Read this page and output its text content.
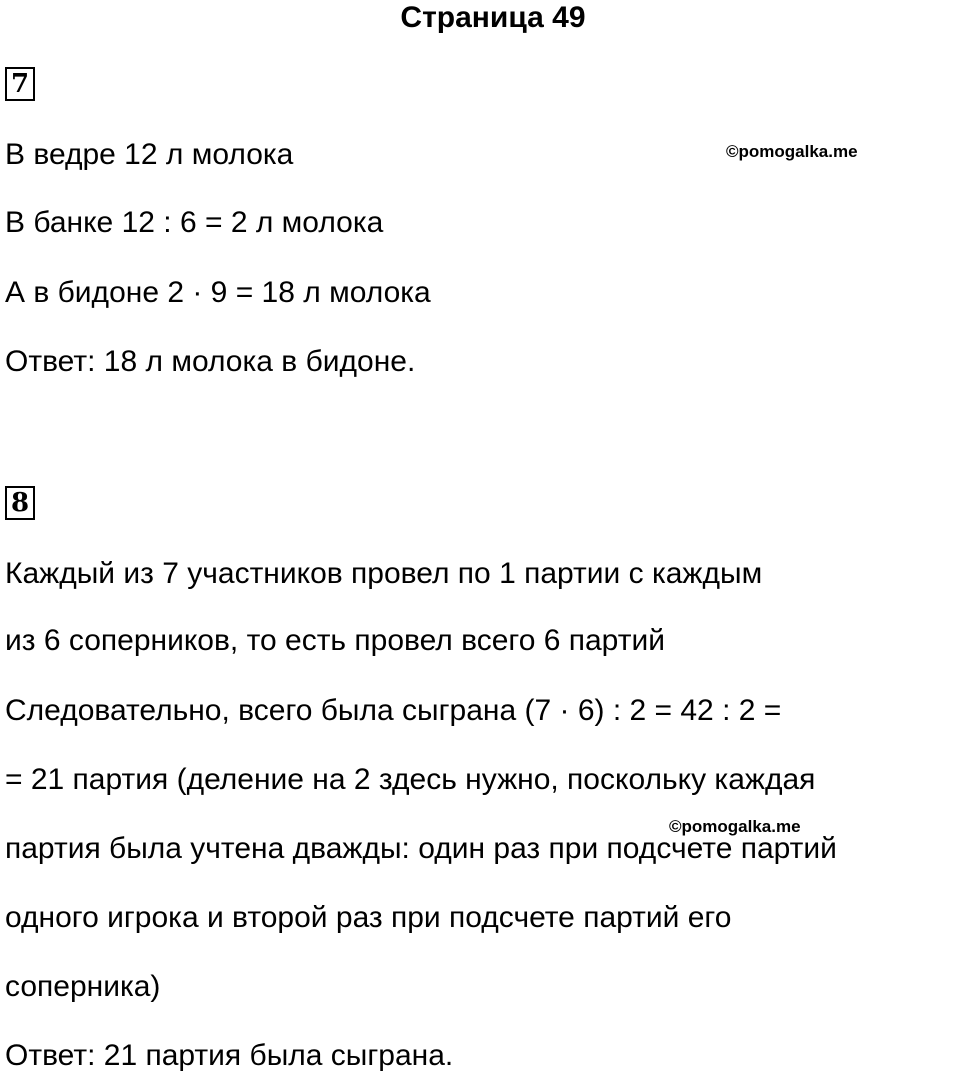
Страница 49
7
В ведре 12 л молока	©pomogalka.me
В банке 12 : 6 = 2 л молока
А в бидоне 2 · 9 = 18 л молока
Ответ: 18 л молока в бидоне.
8
Каждый из 7 участников провел по 1 партии с каждым
из 6 соперников, то есть провел всего 6 партий
Следовательно, всего была сыграна (7 · 6) : 2 = 42 : 2 =
= 21 партия (деление на 2 здесь нужно, поскольку каждая
©pomogalka.me
партия была учтена дважды: один раз при подсчете партий
одного игрока и второй раз при подсчете партий его
соперника)
Ответ: 21 партия была сыграна.
